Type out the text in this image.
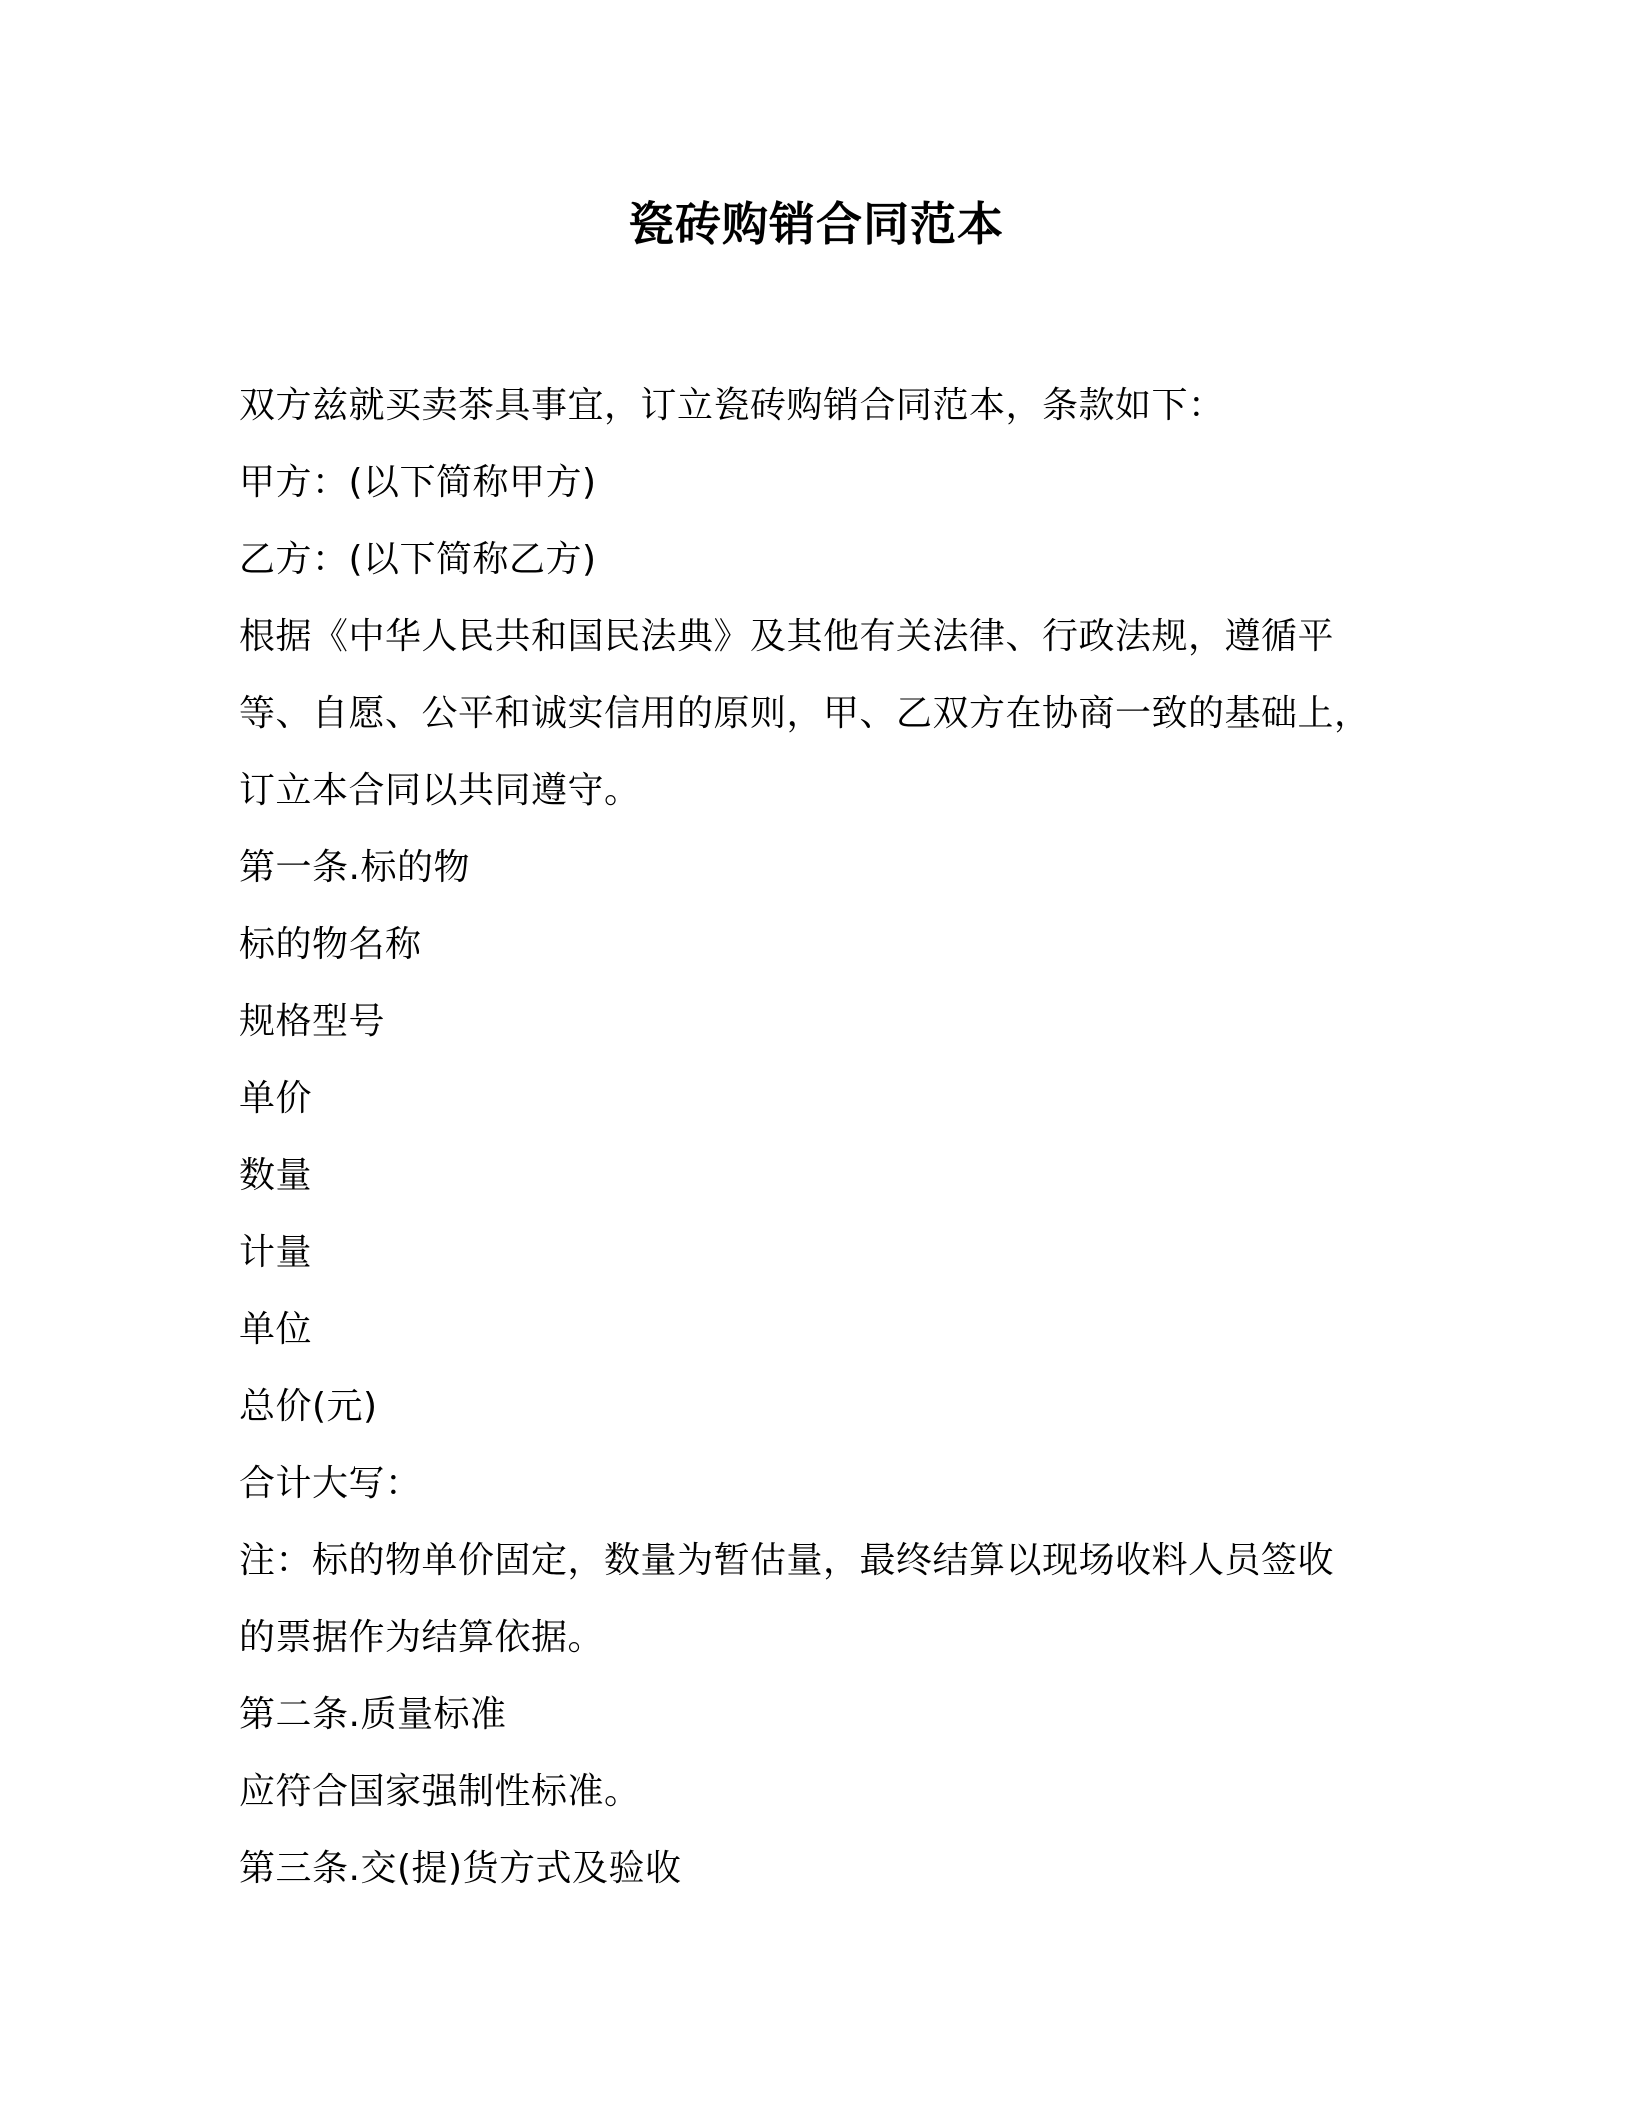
瓷砖购销合同范本
双方兹就买卖茶具事宜，订立瓷砖购销合同范本，条款如下：
甲方：(以下简称甲方)
乙方：(以下简称乙方)
根据《中华人民共和国民法典》及其他有关法律、行政法规，遵循平
等、自愿、公平和诚实信用的原则，甲、乙双方在协商一致的基础上，
订立本合同以共同遵守。
第一条.标的物
标的物名称
规格型号
单价
数量
计量
单位
总价(元)
合计大写：
注：标的物单价固定，数量为暂估量，最终结算以现场收料人员签收
的票据作为结算依据。
第二条.质量标准
应符合国家强制性标准。
第三条.交(提)货方式及验收
